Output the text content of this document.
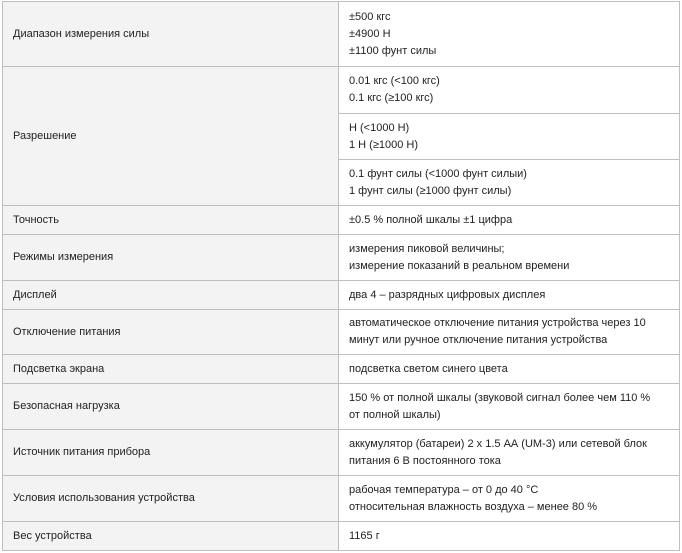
Диапазон измерения силы	±500 кгс
±4900 Н
±1100 фунт силы

Разрешение	0.01 кгс (<100 кгс)
0.1 кгс (≥100 кгс)

	Н (<1000 Н)
1 Н (≥1000 Н)

	0.1 фунт силы (<1000 фунт силыи)
1 фунт силы (≥1000 фунт силы)

Точность	±0.5 % полной шкалы ±1 цифра

Режимы измерения	измерения пиковой величины;
измерение показаний в реальном времени

Дисплей	два 4 – разрядных цифровых дисплея

Отключение питания	автоматическое отключение питания устройства через 10
минут или ручное отключение питания устройства

Подсветка экрана	подсветка светом синего цвета

Безопасная нагрузка	150 % от полной шкалы (звуковой сигнал более чем 110 %
от полной шкалы)

Источник питания прибора	аккумулятор (батареи) 2 х 1.5 АА (UM-3) или сетевой блок
питания 6 В постоянного тока

Условия использования устройства	рабочая температура – от 0 до 40 °С
относительная влажность воздуха – менее 80 %

Вес устройства	1165 г
